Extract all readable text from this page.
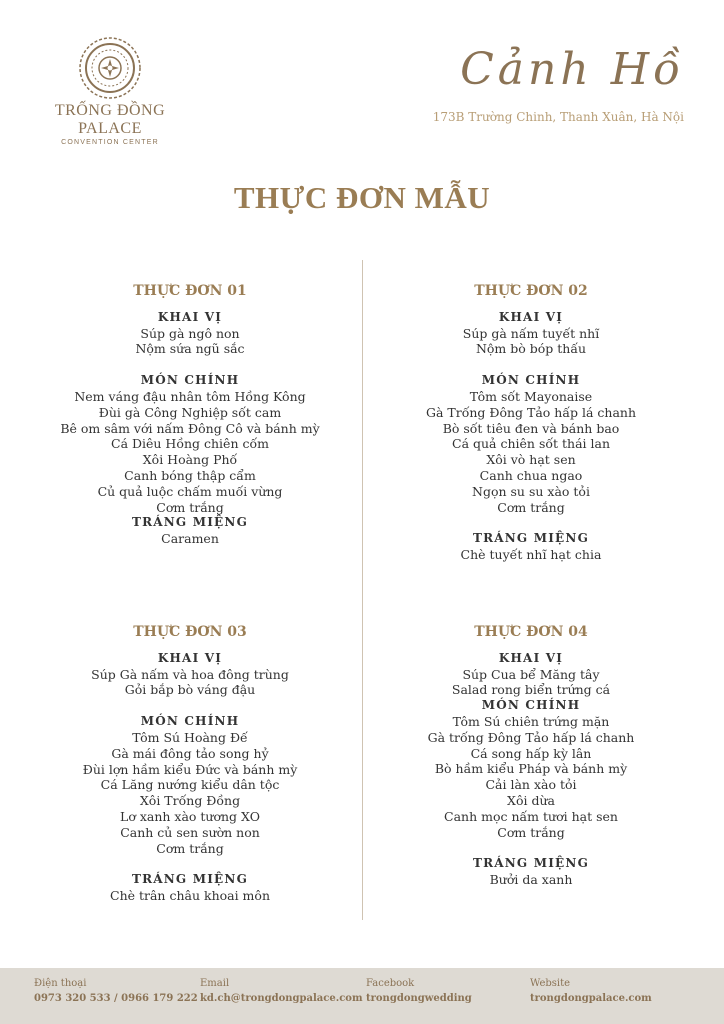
TRỐNG ĐỒNG PALACE
CONVENTION CENTER
Cảnh Hồ
173B Trường Chinh, Thanh Xuân, Hà Nội
THỰC ĐƠN MẪU
THỰC ĐƠN 01
KHAI VỊ
Súp gà ngô non
Nộm sứa ngũ sắc
MÓN CHÍNH
Nem váng đậu nhân tôm Hồng Kông
Đùi gà Công Nghiệp sốt cam
Bê om sâm với nấm Đông Cô và bánh mỳ
Cá Diêu Hồng chiên cốm
Xôi Hoàng Phố
Canh bóng thập cẩm
Củ quả luộc chấm muối vừng
Cơm trắng
TRÁNG MIỆNG
Caramen
THỰC ĐƠN 02
KHAI VỊ
Súp gà nấm tuyết nhĩ
Nộm bò bóp thấu
MÓN CHÍNH
Tôm sốt Mayonaise
Gà Trống Đông Tảo hấp lá chanh
Bò sốt tiêu đen và bánh bao
Cá quả chiên sốt thái lan
Xôi vò hạt sen
Canh chua ngao
Ngọn su su xào tỏi
Cơm trắng
TRÁNG MIỆNG
Chè tuyết nhĩ hạt chia
THỰC ĐƠN 03
KHAI VỊ
Súp Gà nấm và hoa đông trùng
Gỏi bắp bò váng đậu
MÓN CHÍNH
Tôm Sú Hoàng Đế
Gà mái đông tảo song hỷ
Đùi lợn hầm kiểu Đức và bánh mỳ
Cá Lăng nướng kiểu dân tộc
Xôi Trống Đồng
Lơ xanh xào tương XO
Canh củ sen sườn non
Cơm trắng
TRÁNG MIỆNG
Chè trân châu khoai môn
THỰC ĐƠN 04
KHAI VỊ
Súp Cua bể Măng tây
Salad rong biển trứng cá
MÓN CHÍNH
Tôm Sú chiên trứng mặn
Gà trống Đông Tảo hấp lá chanh
Cá song hấp kỳ lân
Bò hầm kiểu Pháp và bánh mỳ
Cải làn xào tỏi
Xôi dừa
Canh mọc nấm tươi hạt sen
Cơm trắng
TRÁNG MIỆNG
Bưởi da xanh
Điện thoại
0973 320 533 / 0966 179 222
Email
kd.ch@trongdongpalace.com
Facebook
trongdongwedding
Website
trongdongpalace.com
